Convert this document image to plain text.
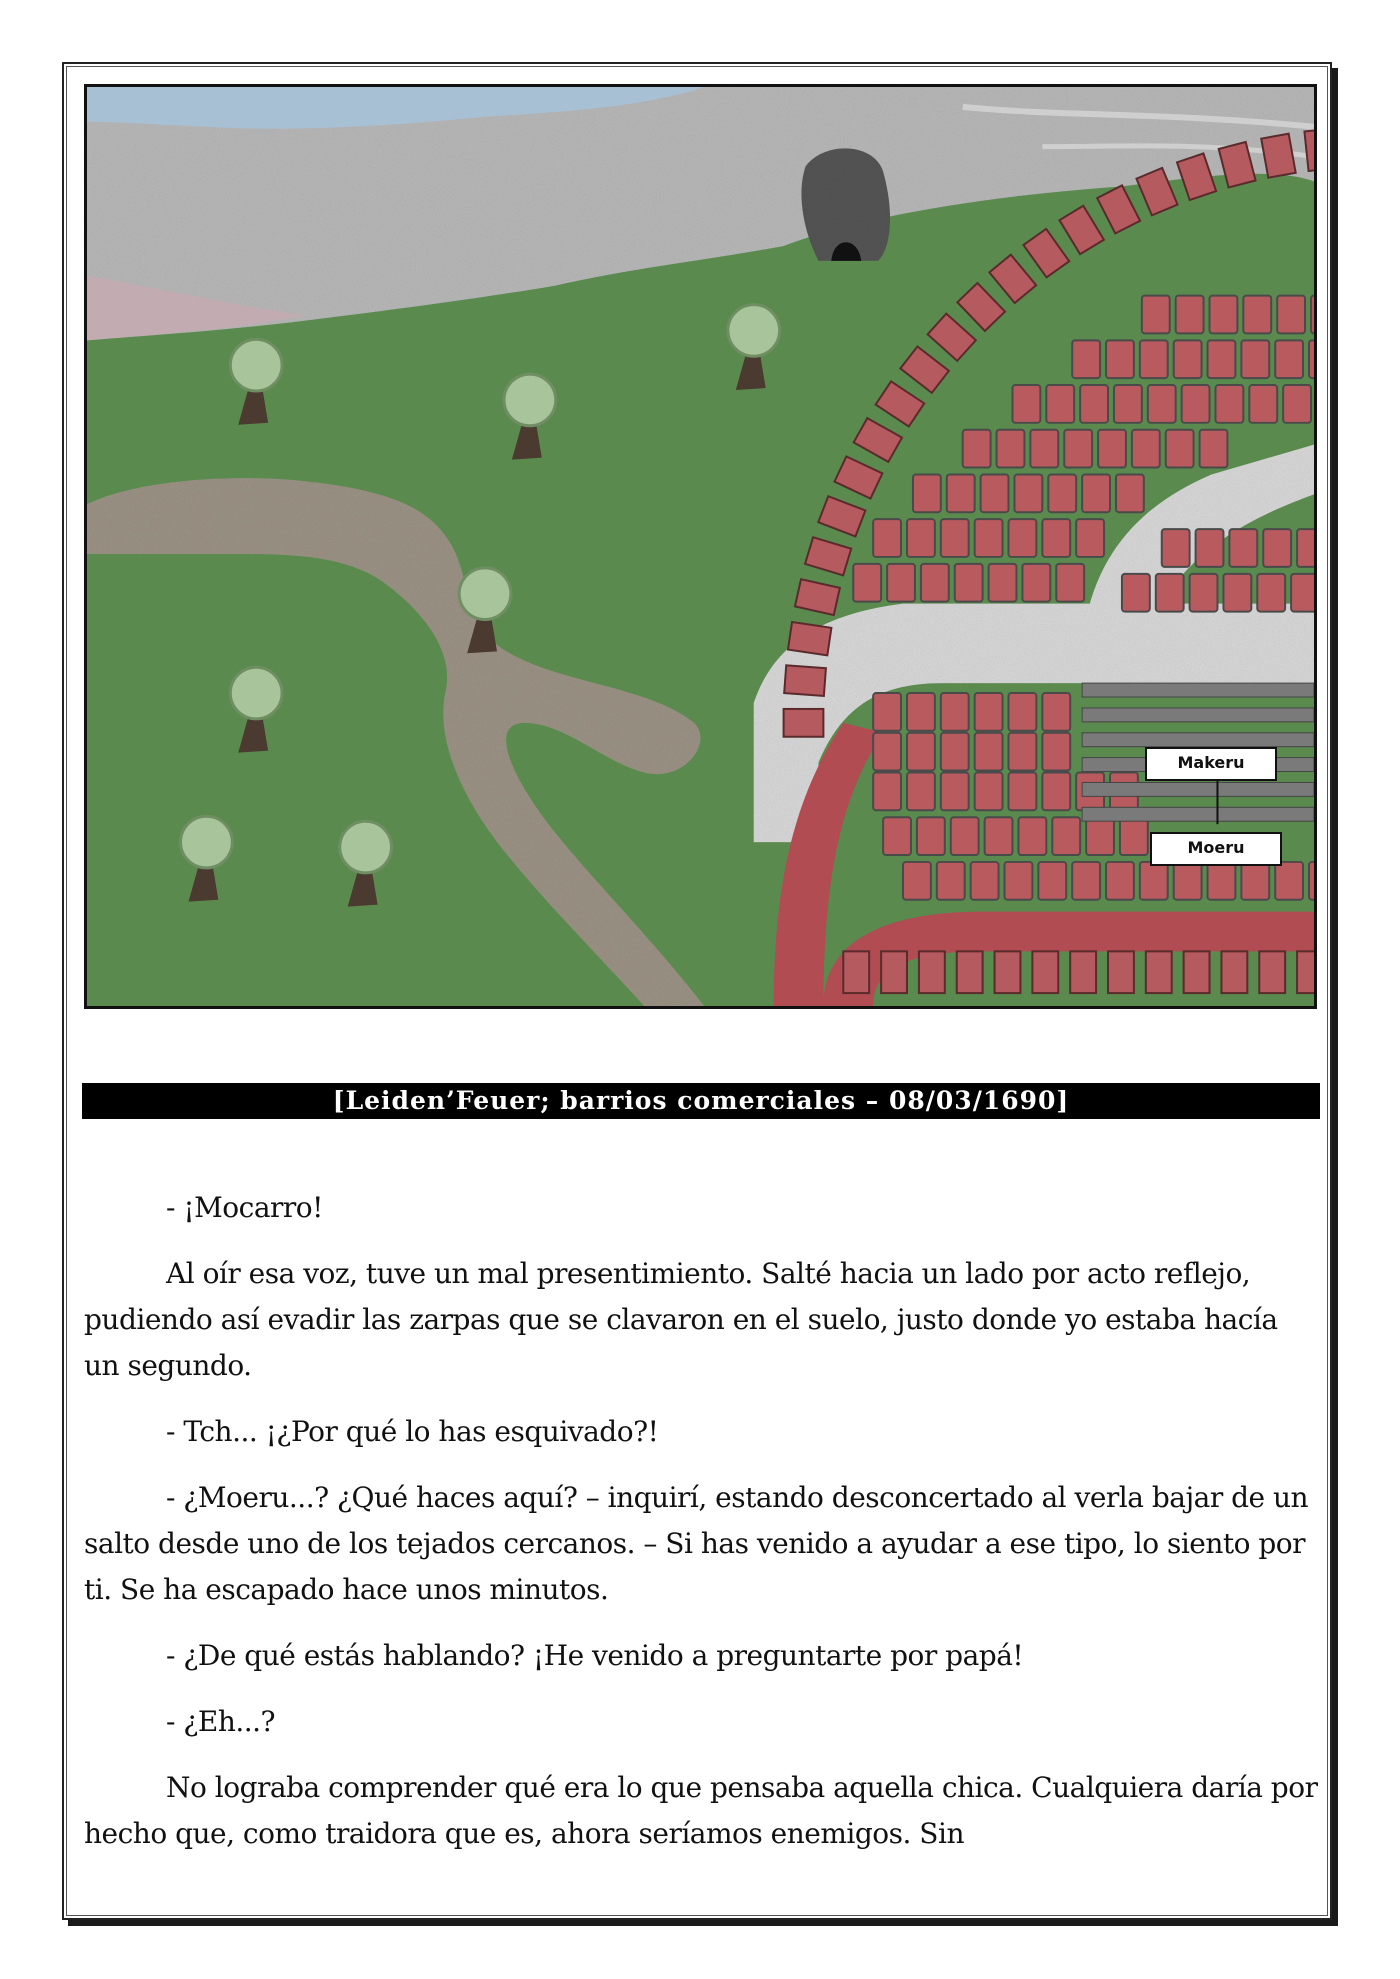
Makeru
Moeru
[Leiden’Feuer; barrios comerciales – 08/03/1690]

- ¡Mocarro!

Al oír esa voz, tuve un mal presentimiento. Salté hacia un lado por acto reflejo, pudiendo así evadir las zarpas que se clavaron en el suelo, justo donde yo estaba hacía un segundo.

- Tch... ¡¿Por qué lo has esquivado?!

- ¿Moeru...? ¿Qué haces aquí? – inquirí, estando desconcertado al verla bajar de un salto desde uno de los tejados cercanos. – Si has venido a ayudar a ese tipo, lo siento por ti. Se ha escapado hace unos minutos.

- ¿De qué estás hablando? ¡He venido a preguntarte por papá!

- ¿Eh...?

No lograba comprender qué era lo que pensaba aquella chica. Cualquiera daría por hecho que, como traidora que es, ahora seríamos enemigos. Sin
